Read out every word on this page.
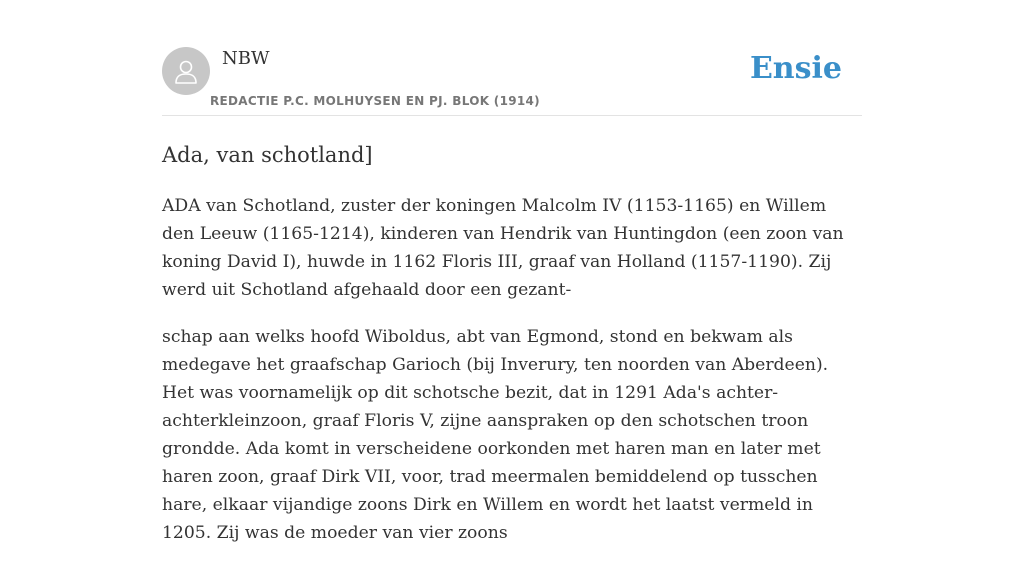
NBW
REDACTIE P.C. MOLHUYSEN EN PJ. BLOK (1914)
Ensie
Ada, van schotland]

ADA van Schotland, zuster der koningen Malcolm IV (1153-1165) en Willem den Leeuw (1165-1214), kinderen van Hendrik van Huntingdon (een zoon van koning David I), huwde in 1162 Floris III, graaf van Holland (1157-1190). Zij werd uit Schotland afgehaald door een gezant-

schap aan welks hoofd Wiboldus, abt van Egmond, stond en bekwam als medegave het graafschap Garioch (bij Inverury, ten noorden van Aberdeen). Het was voornamelijk op dit schotsche bezit, dat in 1291 Ada's achter-achterkleinzoon, graaf Floris V, zijne aanspraken op den schotschen troon grondde. Ada komt in verscheidene oorkonden met haren man en later met haren zoon, graaf Dirk VII, voor, trad meermalen bemiddelend op tusschen hare, elkaar vijandige zoons Dirk en Willem en wordt het laatst vermeld in 1205. Zij was de moeder van vier zoons
